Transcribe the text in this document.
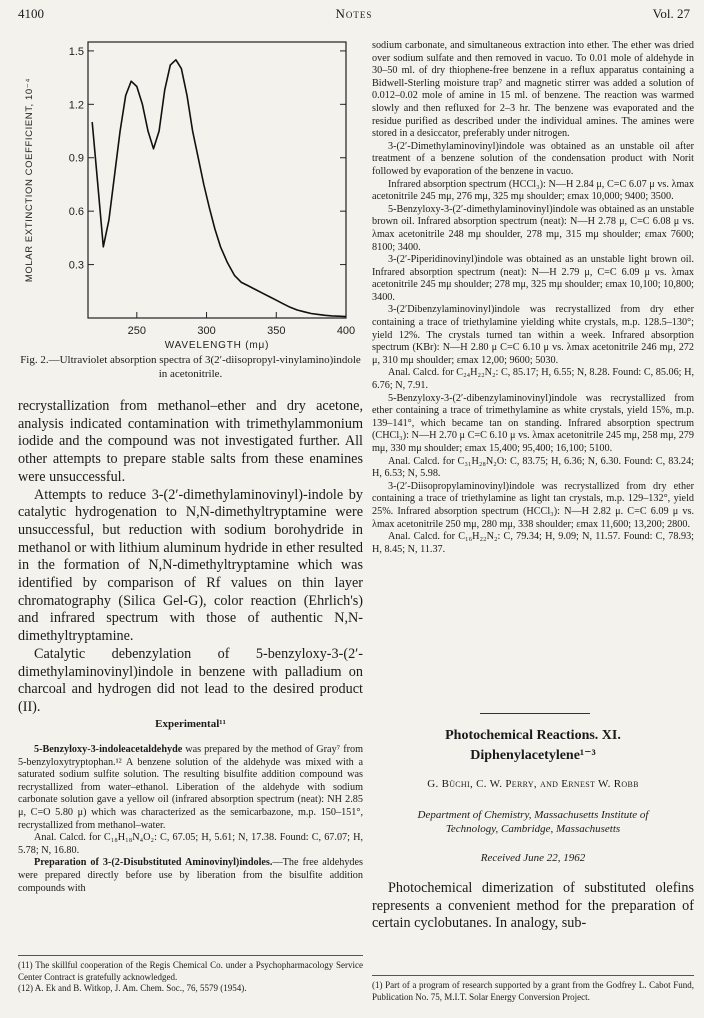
4100	Notes	Vol. 27
0.3
0.6
0.9
1.2
1.5
250	300	350	400
WAVELENGTH (mμ)
MOLAR EXTINCTION COEFFICIENT, 10⁻⁴
Fig. 2.—Ultraviolet absorption spectra of 3(2′-diisopropyl-vinylamino)indole in acetonitrile.

recrystallization from methanol–ether and dry acetone, analysis indicated contamination with trimethylammonium iodide and the compound was not investigated further. All other attempts to prepare stable salts from these enamines were unsuccessful.

Attempts to reduce 3-(2′-dimethylaminovinyl)-indole by catalytic hydrogenation to N,N-dimethyltryptamine were unsuccessful, but reduction with sodium borohydride in methanol or with lithium aluminum hydride in ether resulted in the formation of N,N-dimethyltryptamine which was identified by comparison of Rf values on thin layer chromatography (Silica Gel-G), color reaction (Ehrlich's) and infrared spectrum with those of authentic N,N-dimethyltryptamine.

Catalytic debenzylation of 5-benzyloxy-3-(2′-dimethylaminovinyl)indole in benzene with palladium on charcoal and hydrogen did not lead to the desired product (II).

Experimental¹¹

5-Benzyloxy-3-indoleacetaldehyde was prepared by the method of Gray⁷ from 5-benzyloxytryptophan.¹² A benzene solution of the aldehyde was mixed with a saturated sodium sulfite solution. The resulting bisulfite addition compound was recrystallized from water–ethanol. Liberation of the aldehyde with sodium carbonate solution gave a yellow oil (infrared absorption spectrum (neat): NH 2.85 μ, C=O 5.80 μ) which was characterized as the semicarbazone, m.p. 150–151°, recrystallized from methanol–water.

Anal. Calcd. for C₁₈H₁₈N₄O₂: C, 67.05; H, 5.61; N, 17.38. Found: C, 67.07; H, 5.78; N, 16.80.

Preparation of 3-(2-Disubstituted Aminovinyl)indoles.—The free aldehydes were prepared directly before use by liberation from the bisulfite addition compounds with

(11) The skillful cooperation of the Regis Chemical Co. under a Psychopharmacology Service Center Contract is gratefully acknowledged.

(12) A. Ek and B. Witkop, J. Am. Chem. Soc., 76, 5579 (1954).

sodium carbonate, and simultaneous extraction into ether. The ether was dried over sodium sulfate and then removed in vacuo. To 0.01 mole of aldehyde in 30–50 ml. of dry thiophene-free benzene in a reflux apparatus containing a Bidwell-Sterling moisture trap⁷ and magnetic stirrer was added a solution of 0.012–0.02 mole of amine in 15 ml. of benzene. The reaction was warmed slowly and then refluxed for 2–3 hr. The benzene was evaporated and the residue purified as described under the individual amines. The amines were stored in a desiccator, preferably under nitrogen.

3-(2′-Dimethylaminovinyl)indole was obtained as an unstable oil after treatment of a benzene solution of the condensation product with Norit followed by evaporation of the benzene in vacuo.

Infrared absorption spectrum (HCCl₃): N—H 2.84 μ, C=C 6.07 μ vs. λmax acetonitrile 245 mμ, 276 mμ, 325 mμ shoulder; εmax 10,000; 9400; 3500.

5-Benzyloxy-3-(2′-dimethylaminovinyl)indole was obtained as an unstable brown oil. Infrared absorption spectrum (neat): N—H 2.78 μ, C=C 6.08 μ vs. λmax acetonitrile 248 mμ shoulder, 278 mμ, 315 mμ shoulder; εmax 7600; 8100; 3400.

3-(2′-Piperidinovinyl)indole was obtained as an unstable light brown oil. Infrared absorption spectrum (neat): N—H 2.79 μ, C=C 6.09 μ vs. λmax acetonitrile 245 mμ shoulder; 278 mμ, 325 mμ shoulder; εmax 10,100; 10,800; 3400.

3-(2′Dibenzylaminovinyl)indole was recrystallized from dry ether containing a trace of triethylamine yielding white crystals, m.p. 128.5–130°; yield 12%. The crystals turned tan within a week. Infrared absorption spectrum (KBr): N—H 2.80 μ C=C 6.10 μ vs. λmax acetonitrile 246 mμ, 272 μ, 310 mμ shoulder; εmax 12,00; 9600; 5030.

Anal. Calcd. for C₂₄H₂₂N₂: C, 85.17; H, 6.55; N, 8.28. Found: C, 85.06; H, 6.76; N, 7.91.

5-Benzyloxy-3-(2′-dibenzylaminovinyl)indole was recrystallized from ether containing a trace of trimethylamine as white crystals, yield 15%, m.p. 139–141°, which became tan on standing. Infrared absorption spectrum (CHCl₃): N—H 2.70 μ C=C 6.10 μ vs. λmax acetonitrile 245 mμ, 258 mμ, 279 mμ, 330 mμ shoulder; εmax 15,400; 95,400; 16,100; 5100.

Anal. Calcd. for C₃₁H₂₈N₂O: C, 83.75; H, 6.36; N, 6.30. Found: C, 83.24; H, 6.53; N, 5.98.

3-(2′-Diisopropylaminovinyl)indole was recrystallized from dry ether containing a trace of triethylamine as light tan crystals, m.p. 129–132°, yield 25%. Infrared absorption spectrum (HCCl₃): N—H 2.82 μ. C=C 6.09 μ vs. λmax acetonitrile 250 mμ, 280 mμ, 338 shoulder; εmax 11,600; 13,200; 2800.

Anal. Calcd. for C₁₆H₂₂N₂: C, 79.34; H, 9.09; N, 11.57. Found: C, 78.93; H, 8.45; N, 11.37.

Photochemical Reactions. XI.
Diphenylacetylene¹⁻³
G. Büchi, C. W. Perry, and Ernest W. Robb
Department of Chemistry, Massachusetts Institute of Technology, Cambridge, Massachusetts
Received June 22, 1962

Photochemical dimerization of substituted olefins represents a convenient method for the preparation of certain cyclobutanes. In analogy, sub-

(1) Part of a program of research supported by a grant from the Godfrey L. Cabot Fund, Publication No. 75, M.I.T. Solar Energy Conversion Project.
